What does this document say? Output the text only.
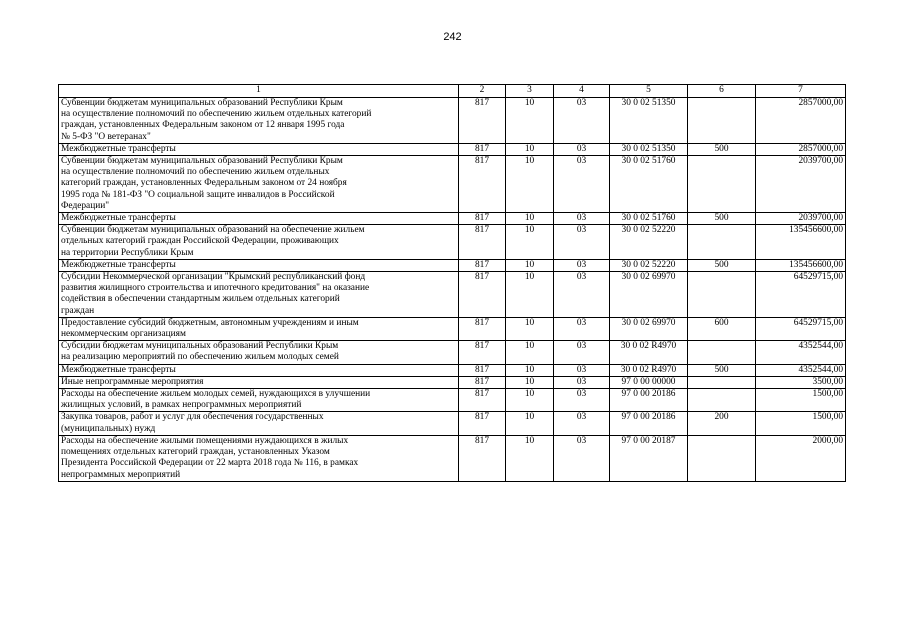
242
1	2	3	4	5	6	7
Субвенции бюджетам муниципальных образований Республики Крым
на осуществление полномочий по обеспечению жильем отдельных категорий
граждан, установленных Федеральным законом от 12 января 1995 года
№ 5-ФЗ "О ветеранах"	817	10	03	30 0 02 51350		2857000,00
Межбюджетные трансферты	817	10	03	30 0 02 51350	500	2857000,00
Субвенции бюджетам муниципальных образований Республики Крым
на осуществление полномочий по обеспечению жильем отдельных
категорий граждан, установленных Федеральным законом от 24 ноября
1995 года № 181-ФЗ "О социальной защите инвалидов в Российской
Федерации"	817	10	03	30 0 02 51760		2039700,00
Межбюджетные трансферты	817	10	03	30 0 02 51760	500	2039700,00
Субвенции бюджетам муниципальных образований на обеспечение жильем
отдельных категорий граждан Российской Федерации, проживающих
на территории Республики Крым	817	10	03	30 0 02 52220		135456600,00
Межбюджетные трансферты	817	10	03	30 0 02 52220	500	135456600,00
Субсидии Некоммерческой организации "Крымский республиканский фонд
развития жилищного строительства и ипотечного кредитования" на оказание
содействия в обеспечении стандартным жильем отдельных категорий
граждан	817	10	03	30 0 02 69970		64529715,00
Предоставление субсидий бюджетным, автономным учреждениям и иным
некоммерческим организациям	817	10	03	30 0 02 69970	600	64529715,00
Субсидии бюджетам муниципальных образований Республики Крым
на реализацию мероприятий по обеспечению жильем молодых семей	817	10	03	30 0 02 R4970		4352544,00
Межбюджетные трансферты	817	10	03	30 0 02 R4970	500	4352544,00
Иные непрограммные мероприятия	817	10	03	97 0 00 00000		3500,00
Расходы на обеспечение жильем молодых семей, нуждающихся в улучшении
жилищных условий, в рамках непрограммных мероприятий	817	10	03	97 0 00 20186		1500,00
Закупка товаров, работ и услуг для обеспечения государственных
(муниципальных) нужд	817	10	03	97 0 00 20186	200	1500,00
Расходы на обеспечение жилыми помещениями нуждающихся в жилых
помещениях отдельных категорий граждан, установленных Указом
Президента Российской Федерации от 22 марта 2018 года № 116, в рамках
непрограммных мероприятий	817	10	03	97 0 00 20187		2000,00
